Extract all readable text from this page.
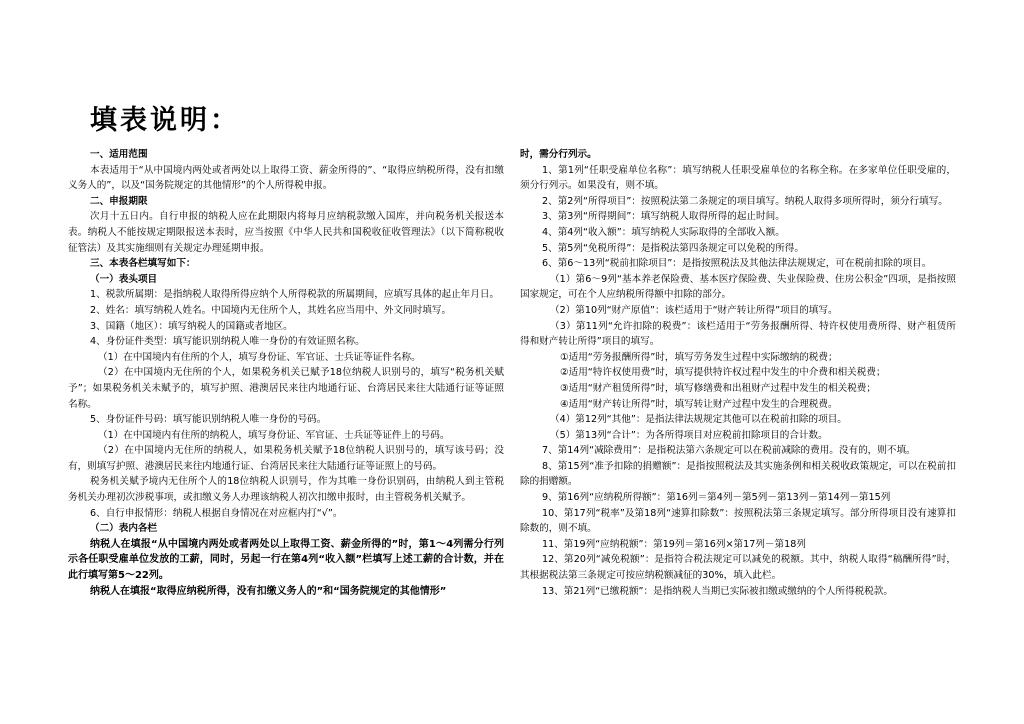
填表说明：

一、适用范围

本表适用于“从中国境内两处或者两处以上取得工资、薪金所得的”、“取得应纳税所得，没有扣缴义务人的”，以及“国务院规定的其他情形”的个人所得税申报。

二、申报期限

次月十五日内。自行申报的纳税人应在此期限内将每月应纳税款缴入国库，并向税务机关报送本表。纳税人不能按规定期限报送本表时，应当按照《中华人民共和国税收征收管理法》（以下简称税收征管法）及其实施细则有关规定办理延期申报。

三、本表各栏填写如下：

（一）表头项目

1、税款所属期：是指纳税人取得所得应纳个人所得税款的所属期间，应填写具体的起止年月日。

2、姓名：填写纳税人姓名。中国境内无住所个人，其姓名应当用中、外文同时填写。

3、国籍（地区）：填写纳税人的国籍或者地区。

4、身份证件类型：填写能识别纳税人唯一身份的有效证照名称。

（1）在中国境内有住所的个人，填写身份证、军官证、士兵证等证件名称。

（2）在中国境内无住所的个人，如果税务机关已赋予18位纳税人识别号的，填写“税务机关赋予”；如果税务机关未赋予的，填写护照、港澳居民来往内地通行证、台湾居民来往大陆通行证等证照名称。

5、身份证件号码：填写能识别纳税人唯一身份的号码。

（1）在中国境内有住所的纳税人，填写身份证、军官证、士兵证等证件上的号码。

（2）在中国境内无住所的纳税人，如果税务机关赋予18位纳税人识别号的，填写该号码；没有，则填写护照、港澳居民来往内地通行证、台湾居民来往大陆通行证等证照上的号码。

税务机关赋予境内无住所个人的18位纳税人识别号，作为其唯一身份识别码，由纳税人到主管税务机关办理初次涉税事项，或扣缴义务人办理该纳税人初次扣缴申报时，由主管税务机关赋予。

6、自行申报情形：纳税人根据自身情况在对应框内打“√”。

（二）表内各栏

纳税人在填报“从中国境内两处或者两处以上取得工资、薪金所得的”时，第1～4列需分行列示各任职受雇单位发放的工薪，同时，另起一行在第4列“收入额”栏填写上述工薪的合计数，并在此行填写第5～22列。

纳税人在填报“取得应纳税所得，没有扣缴义务人的”和“国务院规定的其他情形”

时，需分行列示。

1、第1列“任职受雇单位名称”：填写纳税人任职受雇单位的名称全称。在多家单位任职受雇的，须分行列示。如果没有，则不填。

2、第2列“所得项目”：按照税法第二条规定的项目填写。纳税人取得多项所得时，须分行填写。

3、第3列“所得期间”：填写纳税人取得所得的起止时间。

4、第4列“收入额”：填写纳税人实际取得的全部收入额。

5、第5列“免税所得”：是指税法第四条规定可以免税的所得。

6、第6～13列“税前扣除项目”：是指按照税法及其他法律法规规定，可在税前扣除的项目。

（1）第6～9列“基本养老保险费、基本医疗保险费、失业保险费、住房公积金”四项，是指按照国家规定，可在个人应纳税所得额中扣除的部分。

（2）第10列“财产原值”：该栏适用于“财产转让所得”项目的填写。

（3）第11列“允许扣除的税费”：该栏适用于“劳务报酬所得、特许权使用费所得、财产租赁所得和财产转让所得”项目的填写。

①适用“劳务报酬所得”时，填写劳务发生过程中实际缴纳的税费；

②适用“特许权使用费”时，填写提供特许权过程中发生的中介费和相关税费；

③适用“财产租赁所得”时，填写修缮费和出租财产过程中发生的相关税费；

④适用“财产转让所得”时，填写转让财产过程中发生的合理税费。

（4）第12列“其他”：是指法律法规规定其他可以在税前扣除的项目。

（5）第13列“合计”：为各所得项目对应税前扣除项目的合计数。

7、第14列“减除费用”：是指税法第六条规定可以在税前减除的费用。没有的，则不填。

8、第15列“准予扣除的捐赠额”：是指按照税法及其实施条例和相关税收政策规定，可以在税前扣除的捐赠额。

9、第16列“应纳税所得额”：第16列＝第4列－第5列－第13列－第14列－第15列

10、第17列“税率”及第18列“速算扣除数”：按照税法第三条规定填写。部分所得项目没有速算扣除数的，则不填。

11、第19列“应纳税额”：第19列＝第16列×第17列－第18列

12、第20列“减免税额”：是指符合税法规定可以减免的税额。其中，纳税人取得“稿酬所得”时，其根据税法第三条规定可按应纳税额减征的30%，填入此栏。

13、第21列“已缴税额”：是指纳税人当期已实际被扣缴或缴纳的个人所得税税款。
